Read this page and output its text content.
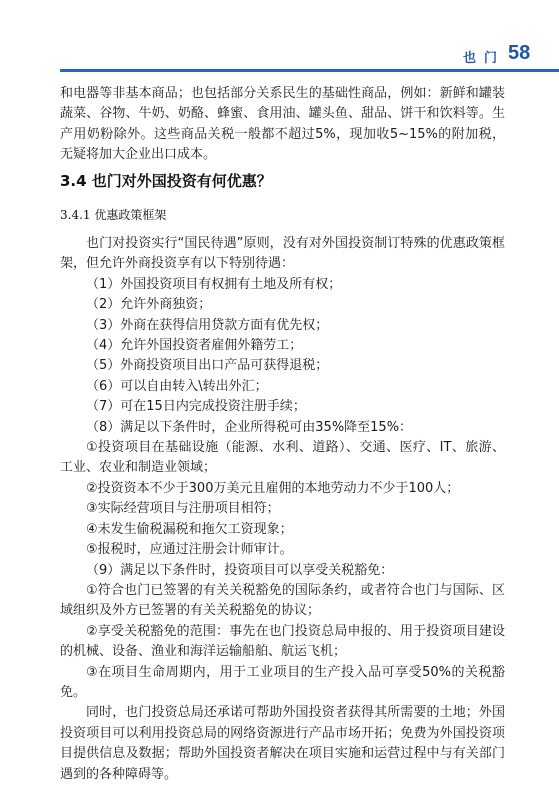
也门 58

和电器等非基本商品；也包括部分关系民生的基础性商品，例如：新鲜和罐装蔬菜、谷物、牛奶、奶酪、蜂蜜、食用油、罐头鱼、甜品、饼干和饮料等。生产用奶粉除外。这些商品关税一般都不超过5%，现加收5~15%的附加税，无疑将加大企业出口成本。

3.4 也门对外国投资有何优惠？
3.4.1 优惠政策框架

也门对投资实行“国民待遇”原则，没有对外国投资制订特殊的优惠政策框架，但允许外商投资享有以下特别待遇：

（1）外国投资项目有权拥有土地及所有权；

（2）允许外商独资；

（3）外商在获得信用贷款方面有优先权；

（4）允许外国投资者雇佣外籍劳工；

（5）外商投资项目出口产品可获得退税；

（6）可以自由转入\转出外汇；

（7）可在15日内完成投资注册手续；

（8）满足以下条件时，企业所得税可由35%降至15%：

①投资项目在基础设施（能源、水利、道路）、交通、医疗、IT、旅游、工业、农业和制造业领域；

②投资资本不少于300万美元且雇佣的本地劳动力不少于100人；

③实际经营项目与注册项目相符；

④未发生偷税漏税和拖欠工资现象；

⑤报税时，应通过注册会计师审计。

（9）满足以下条件时，投资项目可以享受关税豁免：

①符合也门已签署的有关关税豁免的国际条约，或者符合也门与国际、区域组织及外方已签署的有关关税豁免的协议；

②享受关税豁免的范围：事先在也门投资总局申报的、用于投资项目建设的机械、设备、渔业和海洋运输船舶、航运飞机；

③在项目生命周期内，用于工业项目的生产投入品可享受50%的关税豁免。

同时，也门投资总局还承诺可帮助外国投资者获得其所需要的土地；外国投资项目可以利用投资总局的网络资源进行产品市场开拓；免费为外国投资项目提供信息及数据；帮助外国投资者解决在项目实施和运营过程中与有关部门遇到的各种障碍等。
